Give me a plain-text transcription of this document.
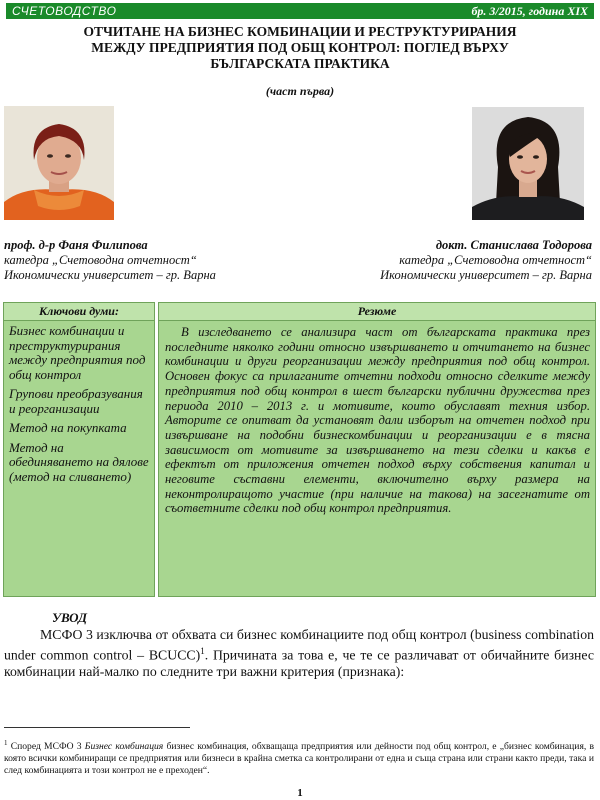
СЧЕТОВОДСТВО	бр. 3/2015, година XIX
ОТЧИТАНЕ НА БИЗНЕС КОМБИНАЦИИ И РЕСТРУКТУРИРАНИЯ
МЕЖДУ ПРЕДПРИЯТИЯ ПОД ОБЩ КОНТРОЛ: ПОГЛЕД ВЪРХУ
БЪЛГАРСКАТА ПРАКТИКА
(част първа)
проф. д-р Фаня Филипова
катедра „Счетоводна отчетност“
Икономически университет – гр. Варна
докт. Станислава Тодорова
катедра „Счетоводна отчетност“
Икономически университет – гр. Варна
Ключови думи:
Бизнес комбинации и преструктурирания между предприятия под общ контрол
Групови преобразувания и реорганизации
Метод на покупката
Метод на обединяването на дялове (метод на сливането)
Резюме

В изследването се анализира част от българската практика през последните няколко години относно извършването и отчитането на бизнес комбинации и други реорганизации между предприятия под общ контрол. Основен фокус са прилаганите отчетни подходи относно сделките между предприятия под общ контрол в шест български публични дружества през периода 2010 – 2013 г. и мотивите, които обуславят техния избор. Авторите се опитват да установят дали изборът на отчетен подход при извършване на подобни бизнескомбинации и реорганизации е в тясна зависимост от мотивите за извършването на тези сделки и какъв е ефектът от приложения отчетен подход върху собствения капитал и неговите съставни елементи, включително върху размера на неконтролиращото участие (при наличие на такова) на засегнатите от съответните сделки под общ контрол предприятия.

УВОД

МСФО 3 изключва от обхвата си бизнес комбинациите под общ контрол (business combination under common control – BCUCC)$^1$. Причината за това е, че те се различават от обичайните бизнес комбинации най-малко по следните три важни критерия (признака):

$^1$ Според МСФО 3 Бизнес комбинация бизнес комбинация, обхващаща предприятия или дейности под общ контрол, е „бизнес комбинация, в която всички комбиниращи се предприятия или бизнеси в крайна сметка са контролирани от една и съща страна или страни както преди, така и след комбинацията и този контрол не е преходен“.

1
